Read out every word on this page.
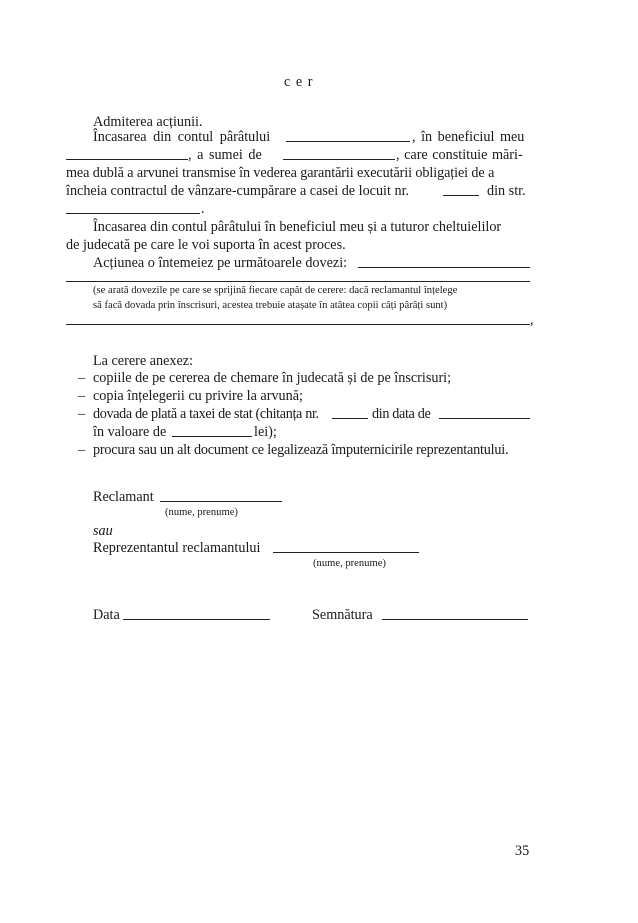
c e r
Admiterea acțiunii.
Încasarea din contul pârâtului	, în beneficiul meu
, a sumei de	, care constituie mări-
mea dublă a arvunei transmise în vederea garantării executării obligației de a
încheia contractul de vânzare-cumpărare a casei de locuit nr.	din str.
.
Încasarea din contul pârâtului în beneficiul meu și a tuturor cheltuielilor
de judecată pe care le voi suporta în acest proces.
Acțiunea o întemeiez pe următoarele dovezi:
(se arată dovezile pe care se sprijină fiecare capăt de cerere: dacă reclamantul înțelege
să facă dovada prin înscrisuri, acestea trebuie atașate în atâtea copii câți pârâți sunt)
,
La cerere anexez:
– copiile de pe cererea de chemare în judecată și de pe înscrisuri;
– copia înțelegerii cu privire la arvună;
– dovada de plată a taxei de stat (chitanța nr.	din data de
în valoare de	lei);
– procura sau un alt document ce legalizează împuternicirile reprezentantului.
Reclamant
(nume, prenume)
sau
Reprezentantul reclamantului
(nume, prenume)
Data	Semnătura
35
